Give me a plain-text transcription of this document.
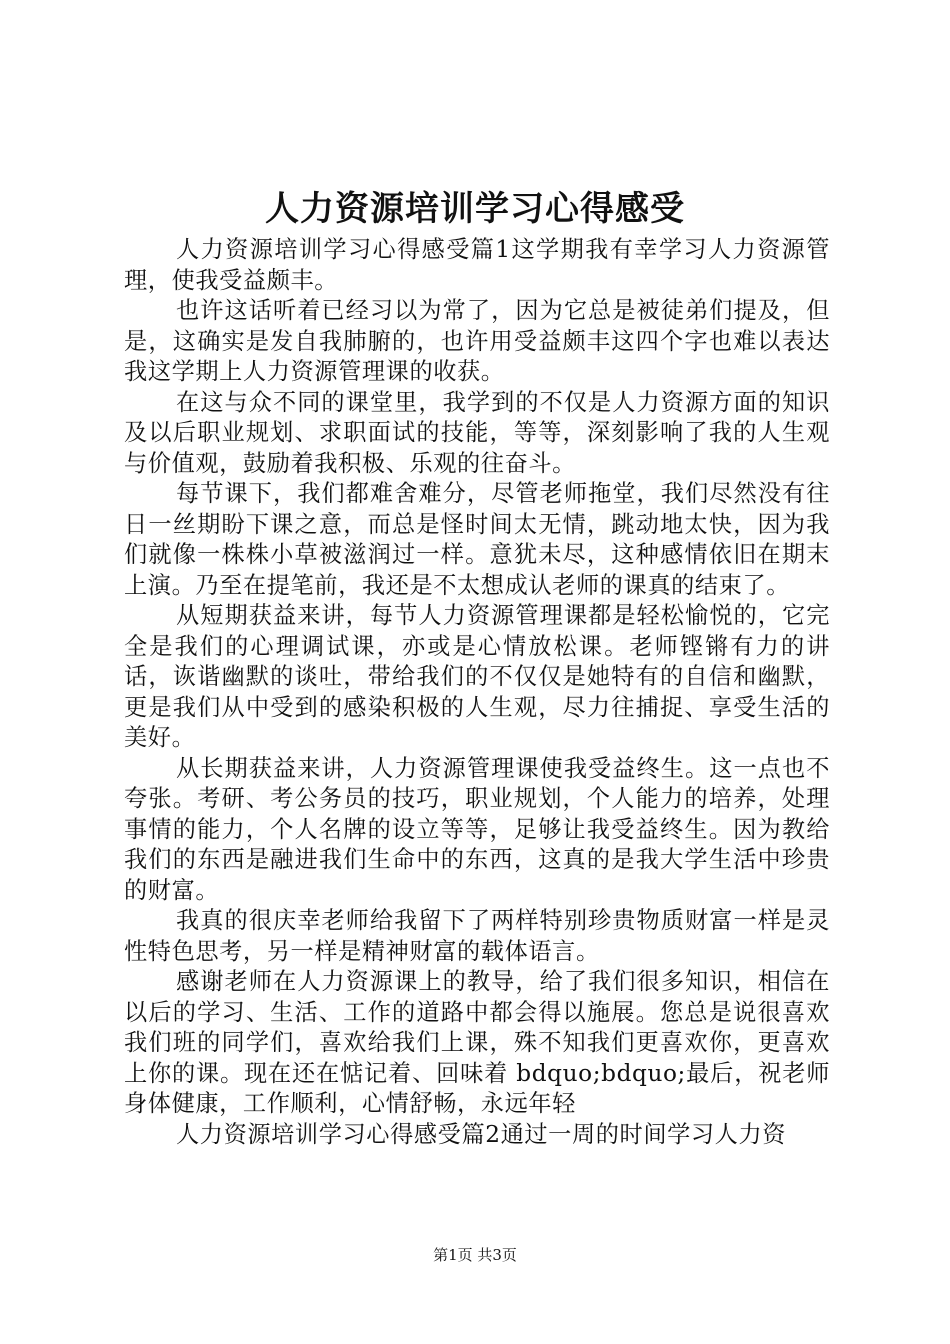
人力资源培训学习心得感受

人力资源培训学习心得感受篇1这学期我有幸学习人力资源管理，使我受益颇丰。

也许这话听着已经习以为常了，因为它总是被徒弟们提及，但是，这确实是发自我肺腑的，也许用受益颇丰这四个字也难以表达我这学期上人力资源管理课的收获。

在这与众不同的课堂里，我学到的不仅是人力资源方面的知识及以后职业规划、求职面试的技能，等等，深刻影响了我的人生观与价值观，鼓励着我积极、乐观的往奋斗。

每节课下，我们都难舍难分，尽管老师拖堂，我们尽然没有往日一丝期盼下课之意，而总是怪时间太无情，跳动地太快，因为我们就像一株株小草被滋润过一样。意犹未尽，这种感情依旧在期末上演。乃至在提笔前，我还是不太想成认老师的课真的结束了。

从短期获益来讲，每节人力资源管理课都是轻松愉悦的，它完全是我们的心理调试课，亦或是心情放松课。老师铿锵有力的讲话，诙谐幽默的谈吐，带给我们的不仅仅是她特有的自信和幽默，更是我们从中受到的感染积极的人生观，尽力往捕捉、享受生活的美好。

从长期获益来讲，人力资源管理课使我受益终生。这一点也不夸张。考研、考公务员的技巧，职业规划，个人能力的培养，处理事情的能力，个人名牌的设立等等，足够让我受益终生。因为教给我们的东西是融进我们生命中的东西，这真的是我大学生活中珍贵的财富。

我真的很庆幸老师给我留下了两样特别珍贵物质财富一样是灵性特色思考，另一样是精神财富的载体语言。

感谢老师在人力资源课上的教导，给了我们很多知识，相信在以后的学习、生活、工作的道路中都会得以施展。您总是说很喜欢我们班的同学们，喜欢给我们上课，殊不知我们更喜欢你，更喜欢上你的课。现在还在惦记着、回味着 bdquo;bdquo;最后，祝老师身体健康，工作顺利，心情舒畅，永远年轻

人力资源培训学习心得感受篇2通过一周的时间学习人力资

第1页 共3页
